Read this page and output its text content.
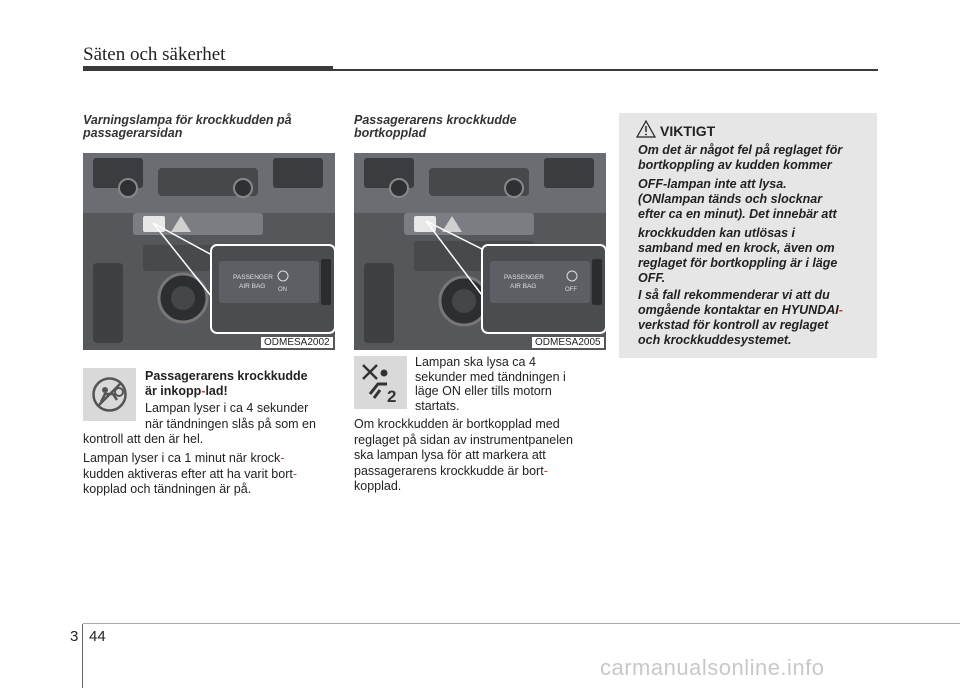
Säten och säkerhet
Varningslampa för krockkudden på
passagerarsidan
PASSENGER
AIR BAG ON
ODMESA2002
Passagerarens krockkudde
är inkopp-lad!
Lampan lyser i ca 4 sekunder
när tändningen slås på som en
kontroll att den är hel.
Lampan lyser i ca 1 minut när krock-
kudden aktiveras efter att ha varit bort-
kopplad och tändningen är på.
Passagerarens krockkudde
bortkopplad
PASSENGER
AIR BAG	OFF
ODMESA2005
2
Lampan ska lysa ca 4
sekunder med tändningen i
läge ON eller tills motorn
startats.
Om krockkudden är bortkopplad med
reglaget på sidan av instrumentpanelen
ska lampan lysa för att markera att
passagerarens krockkudde är bort-
kopplad.
VIKTIGT
Om det är något fel på reglaget för
bortkoppling av kudden kommer
OFF-lampan inte att lysa.
(ONlampan tänds och slocknar
efter ca en minut). Det innebär att
krockkudden kan utlösas i
samband med en krock, även om
reglaget för bortkoppling är i läge
OFF.
I så fall rekommenderar vi att du
omgående kontaktar en HYUNDAI-
verkstad för kontroll av reglaget
och krockkuddesystemet.
3 44
carmanualsonline.info
